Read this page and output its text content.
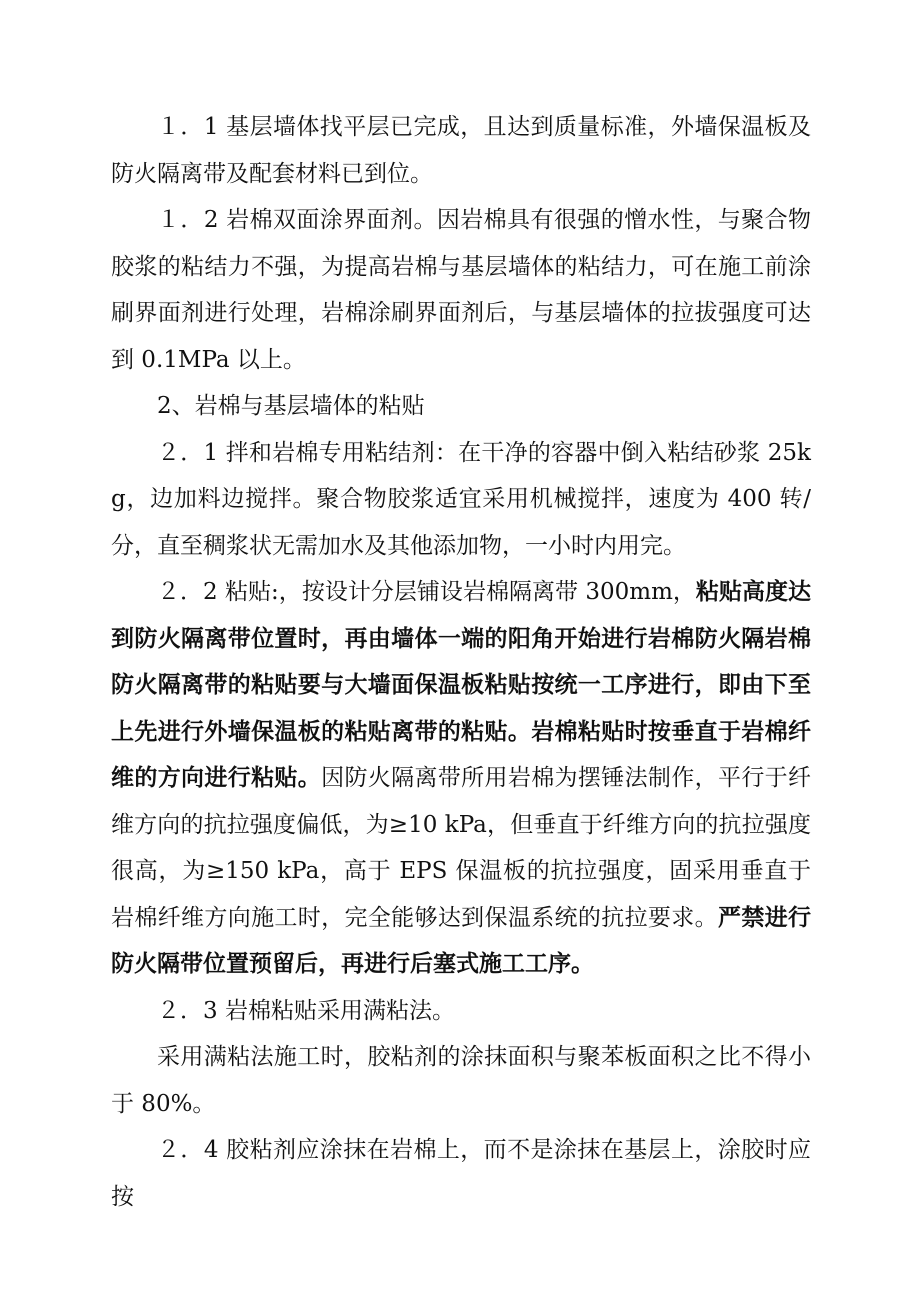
１．1 基层墙体找平层已完成，且达到质量标准，外墙保温板及防火隔离带及配套材料已到位。

１．2 岩棉双面涂界面剂。因岩棉具有很强的憎水性，与聚合物胶浆的粘结力不强，为提高岩棉与基层墙体的粘结力，可在施工前涂刷界面剂进行处理，岩棉涂刷界面剂后，与基层墙体的拉拔强度可达到 0.1MPa 以上。

2、岩棉与基层墙体的粘贴

２．1 拌和岩棉专用粘结剂：在干净的容器中倒入粘结砂浆 25kg，边加料边搅拌。聚合物胶浆适宜采用机械搅拌，速度为 400 转/分，直至稠浆状无需加水及其他添加物，一小时内用完。

２．2 粘贴:，按设计分层铺设岩棉隔离带 300mm，粘贴高度达到防火隔离带位置时，再由墙体一端的阳角开始进行岩棉防火隔岩棉防火隔离带的粘贴要与大墙面保温板粘贴按统一工序进行，即由下至上先进行外墙保温板的粘贴离带的粘贴。岩棉粘贴时按垂直于岩棉纤维的方向进行粘贴。因防火隔离带所用岩棉为摆锤法制作，平行于纤维方向的抗拉强度偏低，为≥10 kPa，但垂直于纤维方向的抗拉强度很高，为≥150 kPa，高于 EPS 保温板的抗拉强度，固采用垂直于岩棉纤维方向施工时，完全能够达到保温系统的抗拉要求。严禁进行防火隔带位置预留后，再进行后塞式施工工序。

２．3 岩棉粘贴采用满粘法。

采用满粘法施工时，胶粘剂的涂抹面积与聚苯板面积之比不得小于 80%。

２．4 胶粘剂应涂抹在岩棉上，而不是涂抹在基层上，涂胶时应按
